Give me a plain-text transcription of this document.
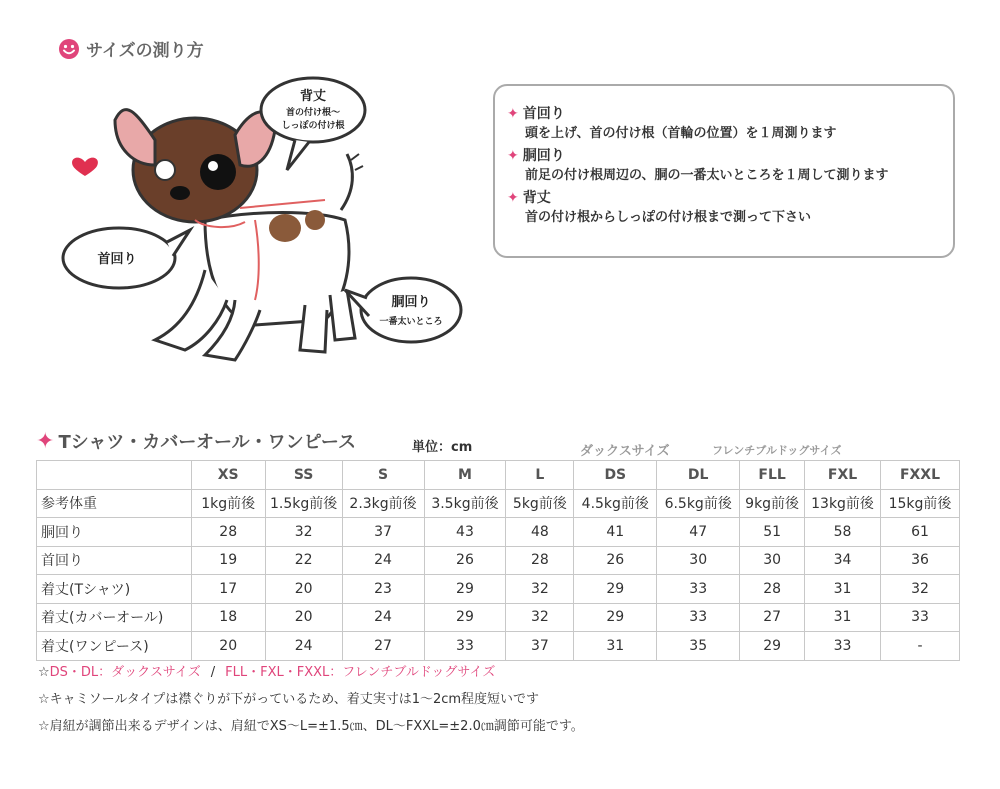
サイズの測り方
背丈
首の付け根～
しっぽの付け根
首回り
胴回り
一番太いところ
✦ 首回り
頭を上げ、首の付け根（首輪の位置）を１周測ります
✦ 胴回り
前足の付け根周辺の、胴の一番太いところを１周して測ります
✦ 背丈
首の付け根からしっぽの付け根まで測って下さい
✦ Tシャツ・カバーオール・ワンピース	単位：cm	ダックスサイズ	フレンチブルドッグサイズ
	XS	SS	S	M	L	DS	DL	FLL	FXL	FXXL
参考体重	1kg前後	1.5kg前後	2.3kg前後	3.5kg前後	5kg前後	4.5kg前後	6.5kg前後	9kg前後	13kg前後	15kg前後
胴回り	28	32	37	43	48	41	47	51	58	61
首回り	19	22	24	26	28	26	30	30	34	36
着丈(Tシャツ)	17	20	23	29	32	29	33	28	31	32
着丈(カバーオール)	18	20	24	29	32	29	33	27	31	33
着丈(ワンピース)	20	24	27	33	37	31	35	29	33	-
☆DS・DL：ダックスサイズ / FLL・FXL・FXXL：フレンチブルドッグサイズ
☆キャミソールタイプは襟ぐりが下がっているため、着丈実寸は1～2cm程度短いです
☆肩紐が調節出来るデザインは、肩紐でXS～L=±1.5㎝、DL～FXXL=±2.0㎝調節可能です。
